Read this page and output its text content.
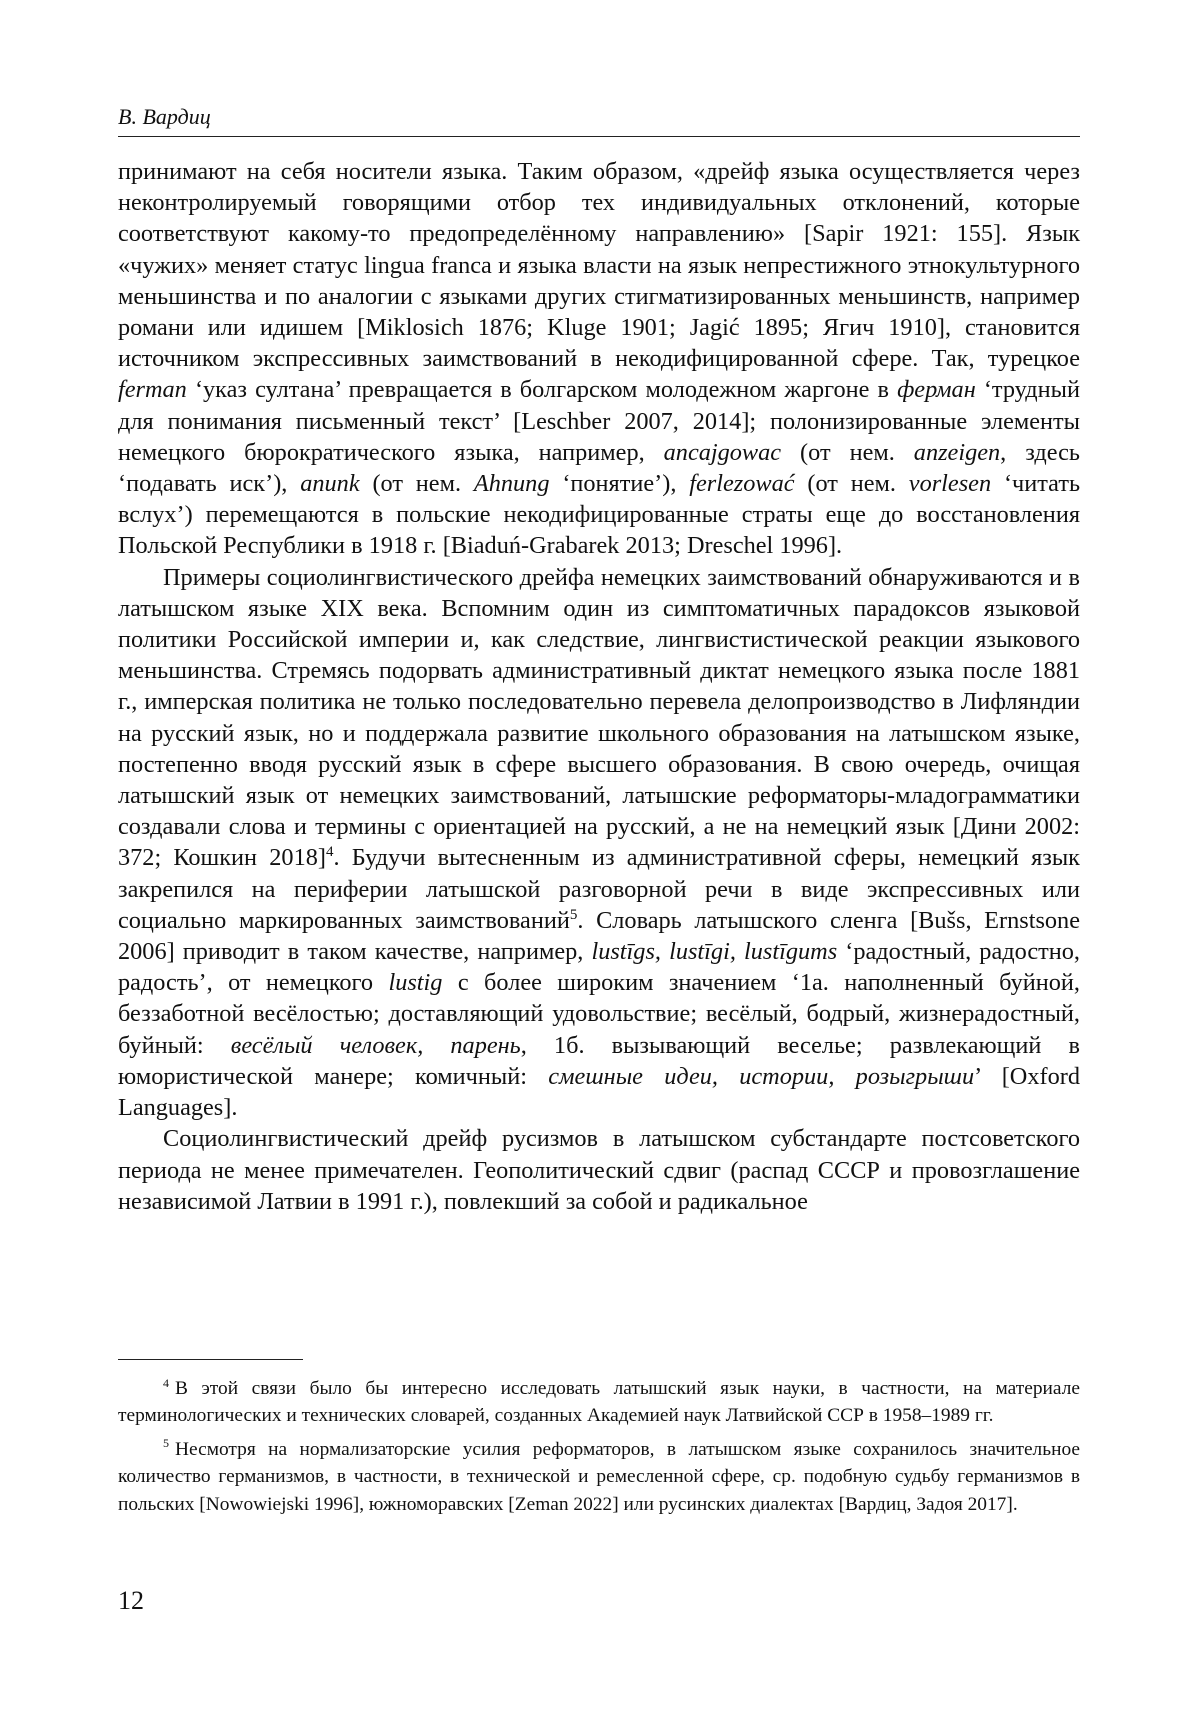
В. Вардиц

принимают на себя носители языка. Таким образом, «дрейф языка осуществляется через неконтролируемый говорящими отбор тех индивидуальных отклонений, которые соответствуют какому-то предопределённому направлению» [Sapir 1921: 155]. Язык «чужих» меняет статус lingua franca и языка власти на язык непрестижного этнокультурного меньшинства и по аналогии с языками других стигматизированных меньшинств, например романи или идишем [Miklosich 1876; Kluge 1901; Jagić 1895; Ягич 1910], становится источником экспрессивных заимствований в некодифицированной сфере. Так, турецкое ferman ‘указ султана’ превращается в болгарском молодежном жаргоне в ферман ‘трудный для понимания письменный текст’ [Leschber 2007, 2014]; полонизированные элементы немецкого бюрократического языка, например, ancajgowac (от нем. anzeigen, здесь ‘подавать иск’), anunk (от нем. Ahnung ‘понятие’), ferlezować (от нем. vorlesen ‘читать вслух’) перемещаются в польские некодифицированные страты еще до восстановления Польской Республики в 1918 г. [Biaduń-Grabarek 2013; Dreschel 1996].

Примеры социолингвистического дрейфа немецких заимствований обнаруживаются и в латышском языке XIX века. Вспомним один из симптоматичных парадоксов языковой политики Российской империи и, как следствие, лингвистистической реакции языкового меньшинства. Стремясь подорвать административный диктат немецкого языка после 1881 г., имперская политика не только последовательно перевела делопроизводство в Лифляндии на русский язык, но и поддержала развитие школьного образования на латышском языке, постепенно вводя русский язык в сфере высшего образования. В свою очередь, очищая латышский язык от немецких заимствований, латышские реформаторы-младограмматики создавали слова и термины с ориентацией на русский, а не на немецкий язык [Дини 2002: 372; Кошкин 2018]$^4$. Будучи вытесненным из административной сферы, немецкий язык закрепился на периферии латышской разговорной речи в виде экспрессивных или социально маркированных заимствований$^5$. Словарь латышского сленга [Bušs, Ernstsone 2006] приводит в таком качестве, например, lustīgs, lustīgi, lustīgums ‘радостный, радостно, радость’, от немецкого lustig с более широким значением ‘1а. наполненный буйной, беззаботной весёлостью; доставляющий удовольствие; весёлый, бодрый, жизнерадостный, буйный: весёлый человек, парень, 1б. вызывающий веселье; развлекающий в юмористической манере; комичный: смешные идеи, истории, розыгрыши’ [Oxford Languages].

Социолингвистический дрейф русизмов в латышском субстандарте постсоветского периода не менее примечателен. Геополитический сдвиг (распад СССР и провозглашение независимой Латвии в 1991 г.), повлекший за собой и радикальное

$^4$ В этой связи было бы интересно исследовать латышский язык науки, в частности, на материале терминологических и технических словарей, созданных Академией наук Латвийской ССР в 1958–1989 гг.

$^5$ Несмотря на нормализаторские усилия реформаторов, в латышском языке сохранилось значительное количество германизмов, в частности, в технической и ремесленной сфере, ср. подобную судьбу германизмов в польских [Nowowiejski 1996], южноморавских [Zeman 2022] или русинских диалектах [Вардиц, Задоя 2017].

12
